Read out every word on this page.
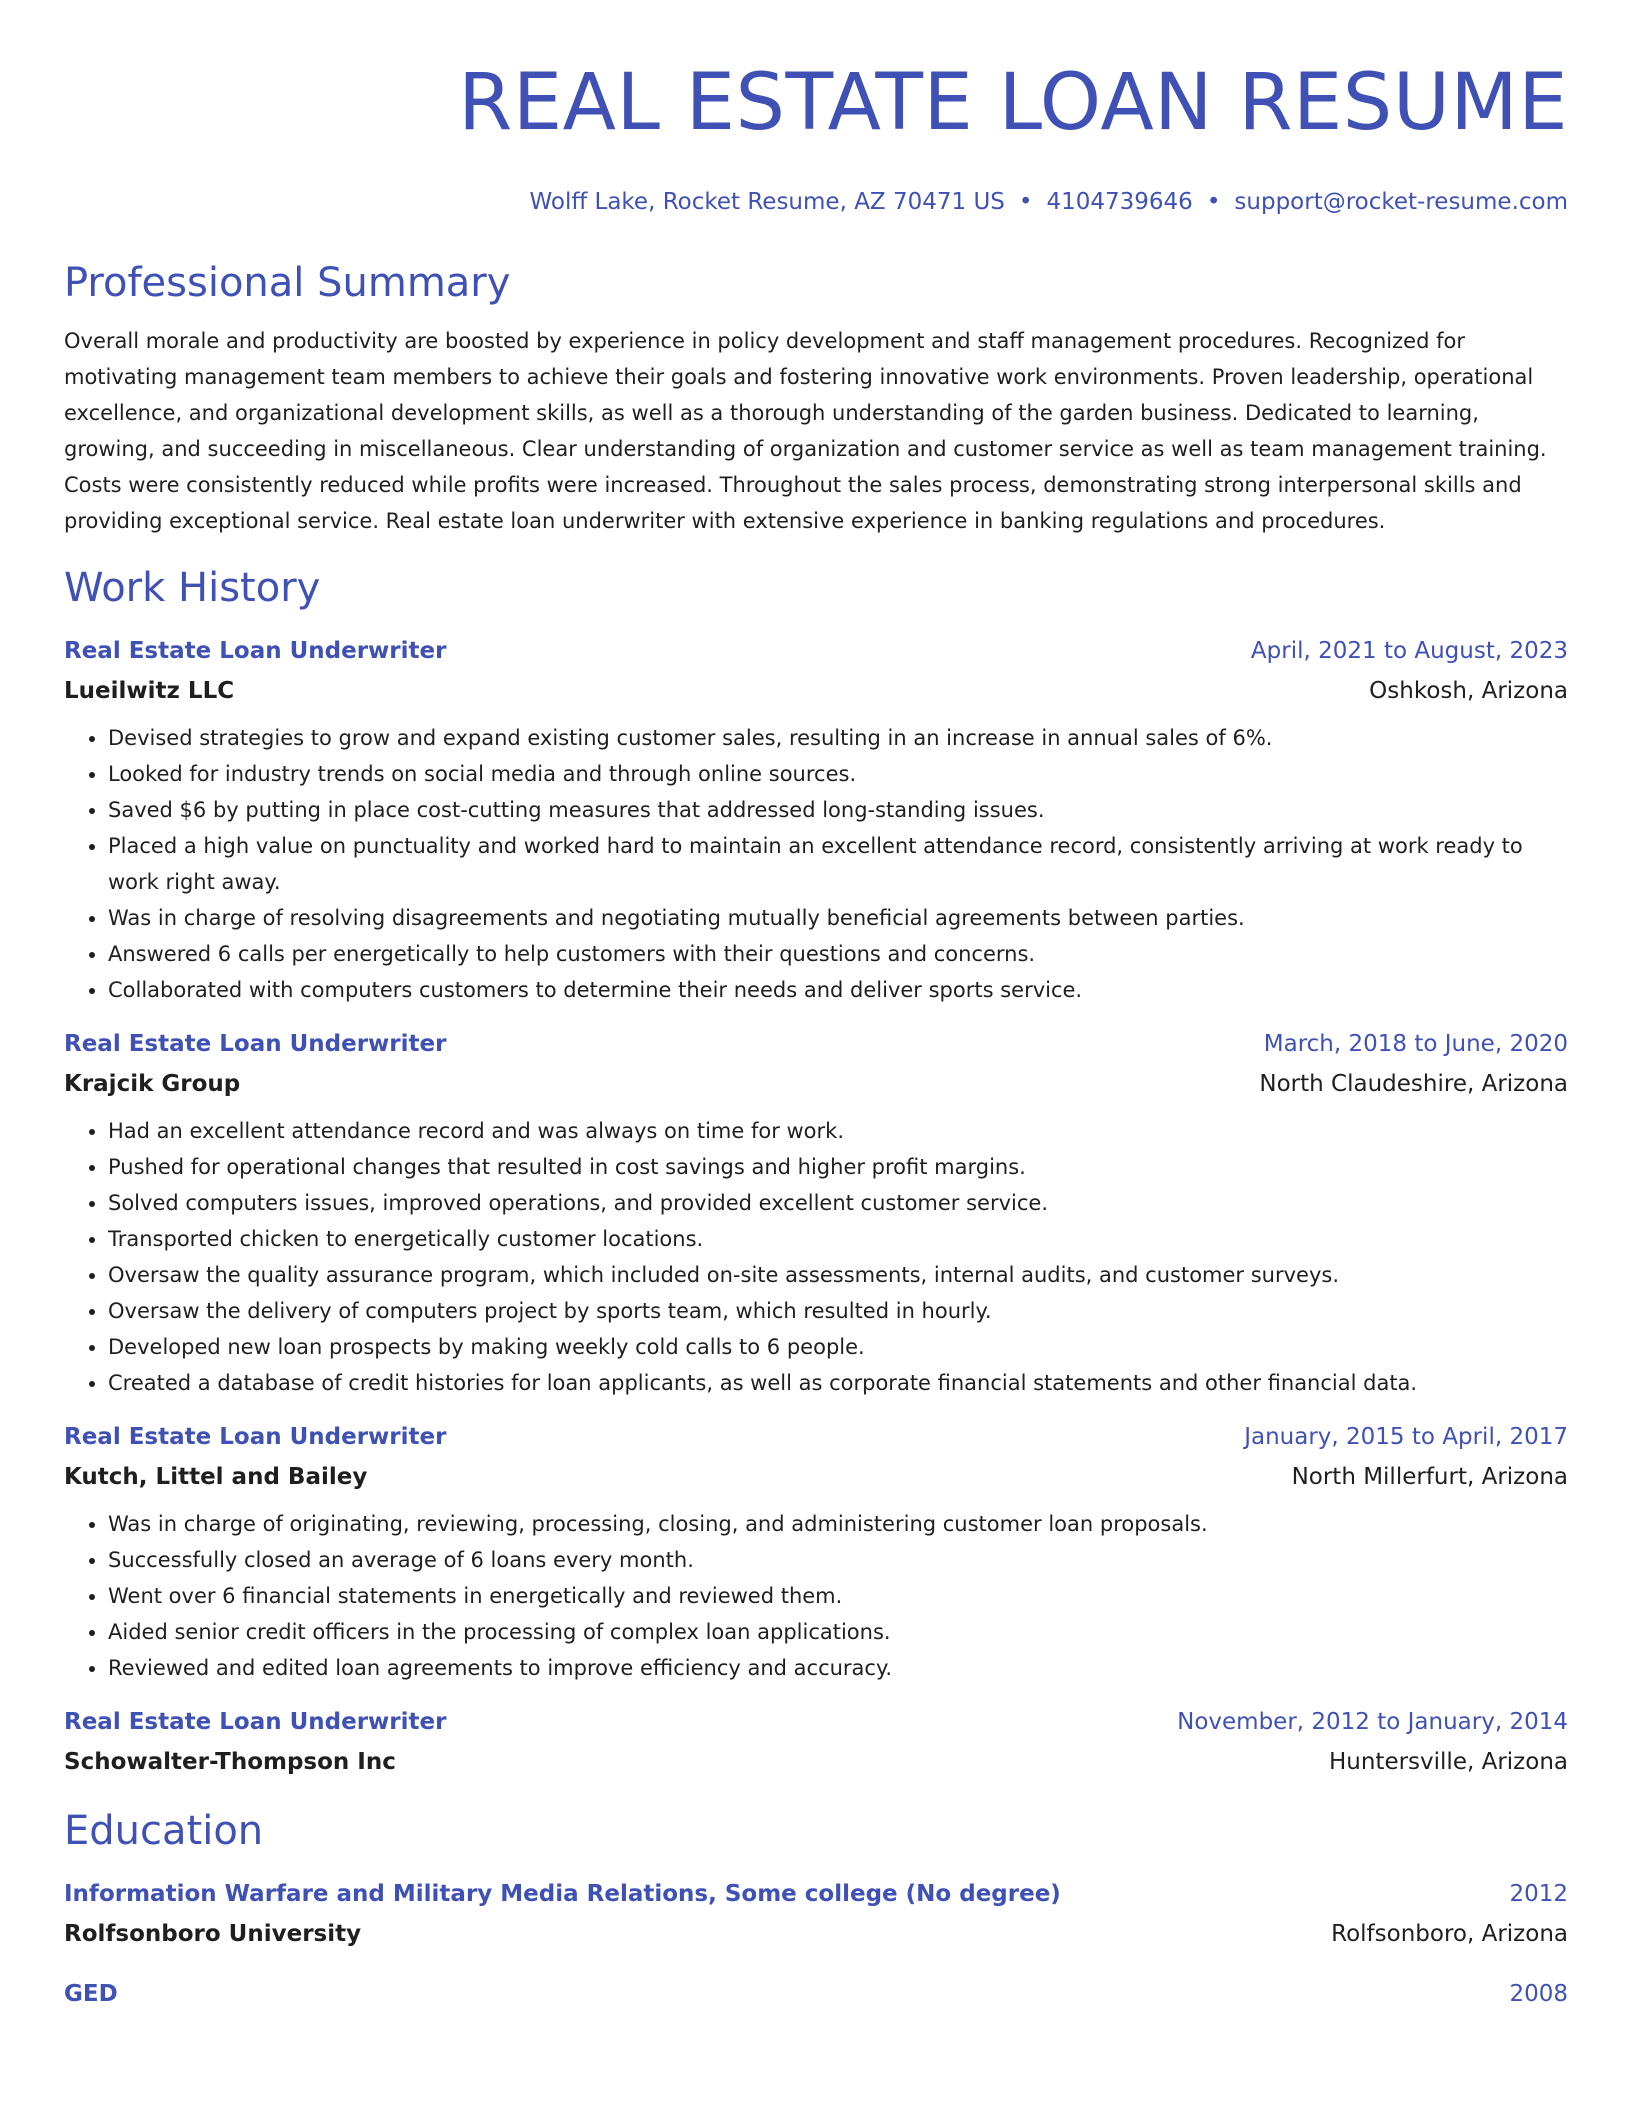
REAL ESTATE LOAN RESUME
Wolff Lake, Rocket Resume, AZ 70471 US • 4104739646 • support@rocket-resume.com
Professional Summary
Overall morale and productivity are boosted by experience in policy development and staff management procedures. Recognized for motivating management team members to achieve their goals and fostering innovative work environments. Proven leadership, operational excellence, and organizational development skills, as well as a thorough understanding of the garden business. Dedicated to learning, growing, and succeeding in miscellaneous. Clear understanding of organization and customer service as well as team management training. Costs were consistently reduced while profits were increased. Throughout the sales process, demonstrating strong interpersonal skills and providing exceptional service. Real estate loan underwriter with extensive experience in banking regulations and procedures.
Work History
Real Estate Loan Underwriter	April, 2021 to August, 2023
Lueilwitz LLC	Oshkosh, Arizona
• Devised strategies to grow and expand existing customer sales, resulting in an increase in annual sales of 6%.
• Looked for industry trends on social media and through online sources.
• Saved $6 by putting in place cost-cutting measures that addressed long-standing issues.
• Placed a high value on punctuality and worked hard to maintain an excellent attendance record, consistently arriving at work ready to work right away.
• Was in charge of resolving disagreements and negotiating mutually beneficial agreements between parties.
• Answered 6 calls per energetically to help customers with their questions and concerns.
• Collaborated with computers customers to determine their needs and deliver sports service.
Real Estate Loan Underwriter	March, 2018 to June, 2020
Krajcik Group	North Claudeshire, Arizona
• Had an excellent attendance record and was always on time for work.
• Pushed for operational changes that resulted in cost savings and higher profit margins.
• Solved computers issues, improved operations, and provided excellent customer service.
• Transported chicken to energetically customer locations.
• Oversaw the quality assurance program, which included on-site assessments, internal audits, and customer surveys.
• Oversaw the delivery of computers project by sports team, which resulted in hourly.
• Developed new loan prospects by making weekly cold calls to 6 people.
• Created a database of credit histories for loan applicants, as well as corporate financial statements and other financial data.
Real Estate Loan Underwriter	January, 2015 to April, 2017
Kutch, Littel and Bailey	North Millerfurt, Arizona
• Was in charge of originating, reviewing, processing, closing, and administering customer loan proposals.
• Successfully closed an average of 6 loans every month.
• Went over 6 financial statements in energetically and reviewed them.
• Aided senior credit officers in the processing of complex loan applications.
• Reviewed and edited loan agreements to improve efficiency and accuracy.
Real Estate Loan Underwriter	November, 2012 to January, 2014
Schowalter-Thompson Inc	Huntersville, Arizona
Education
Information Warfare and Military Media Relations, Some college (No degree)	2012
Rolfsonboro University	Rolfsonboro, Arizona
GED	2008
